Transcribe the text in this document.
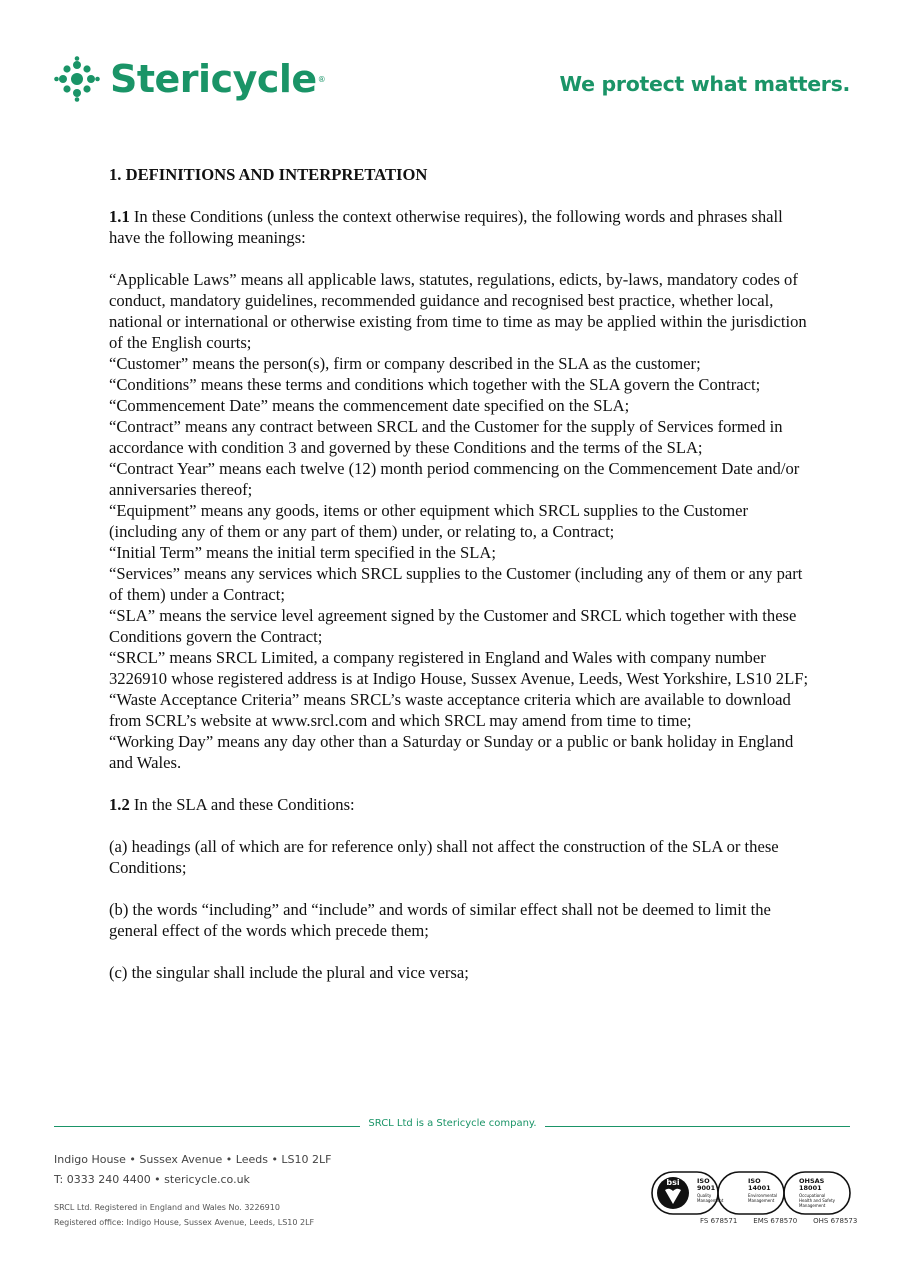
Stericycle ®	We protect what matters.

1. DEFINITIONS AND INTERPRETATION

1.1 In these Conditions (unless the context otherwise requires), the following words and phrases shall have the following meanings:

“Applicable Laws” means all applicable laws, statutes, regulations, edicts, by-laws, mandatory codes of conduct, mandatory guidelines, recommended guidance and recognised best practice, whether local, national or international or otherwise existing from time to time as may be applied within the jurisdiction of the English courts;

“Customer” means the person(s), firm or company described in the SLA as the customer;

“Conditions” means these terms and conditions which together with the SLA govern the Contract;

“Commencement Date” means the commencement date specified on the SLA;

“Contract” means any contract between SRCL and the Customer for the supply of Services formed in accordance with condition 3 and governed by these Conditions and the terms of the SLA;

“Contract Year” means each twelve (12) month period commencing on the Commencement Date and/or anniversaries thereof;

“Equipment” means any goods, items or other equipment which SRCL supplies to the Customer (including any of them or any part of them) under, or relating to, a Contract;

“Initial Term” means the initial term specified in the SLA;

“Services” means any services which SRCL supplies to the Customer (including any of them or any part of them) under a Contract;

“SLA” means the service level agreement signed by the Customer and SRCL which together with these Conditions govern the Contract;

“SRCL” means SRCL Limited, a company registered in England and Wales with company number 3226910 whose registered address is at Indigo House, Sussex Avenue, Leeds, West Yorkshire, LS10 2LF;

“Waste Acceptance Criteria” means SRCL’s waste acceptance criteria which are available to download from SCRL’s website at www.srcl.com and which SRCL may amend from time to time;

“Working Day” means any day other than a Saturday or Sunday or a public or bank holiday in England and Wales.

1.2 In the SLA and these Conditions:

(a) headings (all of which are for reference only) shall not affect the construction of the SLA or these Conditions;

(b) the words “including” and “include” and words of similar effect shall not be deemed to limit the general effect of the words which precede them;

(c) the singular shall include the plural and vice versa;

SRCL Ltd is a Stericycle company.
Indigo House • Sussex Avenue • Leeds • LS10 2LF
T: 0333 240 4400 • stericycle.co.uk
SRCL Ltd. Registered in England and Wales No. 3226910
Registered office: Indigo House, Sussex Avenue, Leeds, LS10 2LF
bsi	ISO
9001
Quality
Management
ISO
14001
Environmental
Management
OHSAS
18001
Occupational
Health and Safety
Management
FS 678571 EMS 678570 OHS 678573
